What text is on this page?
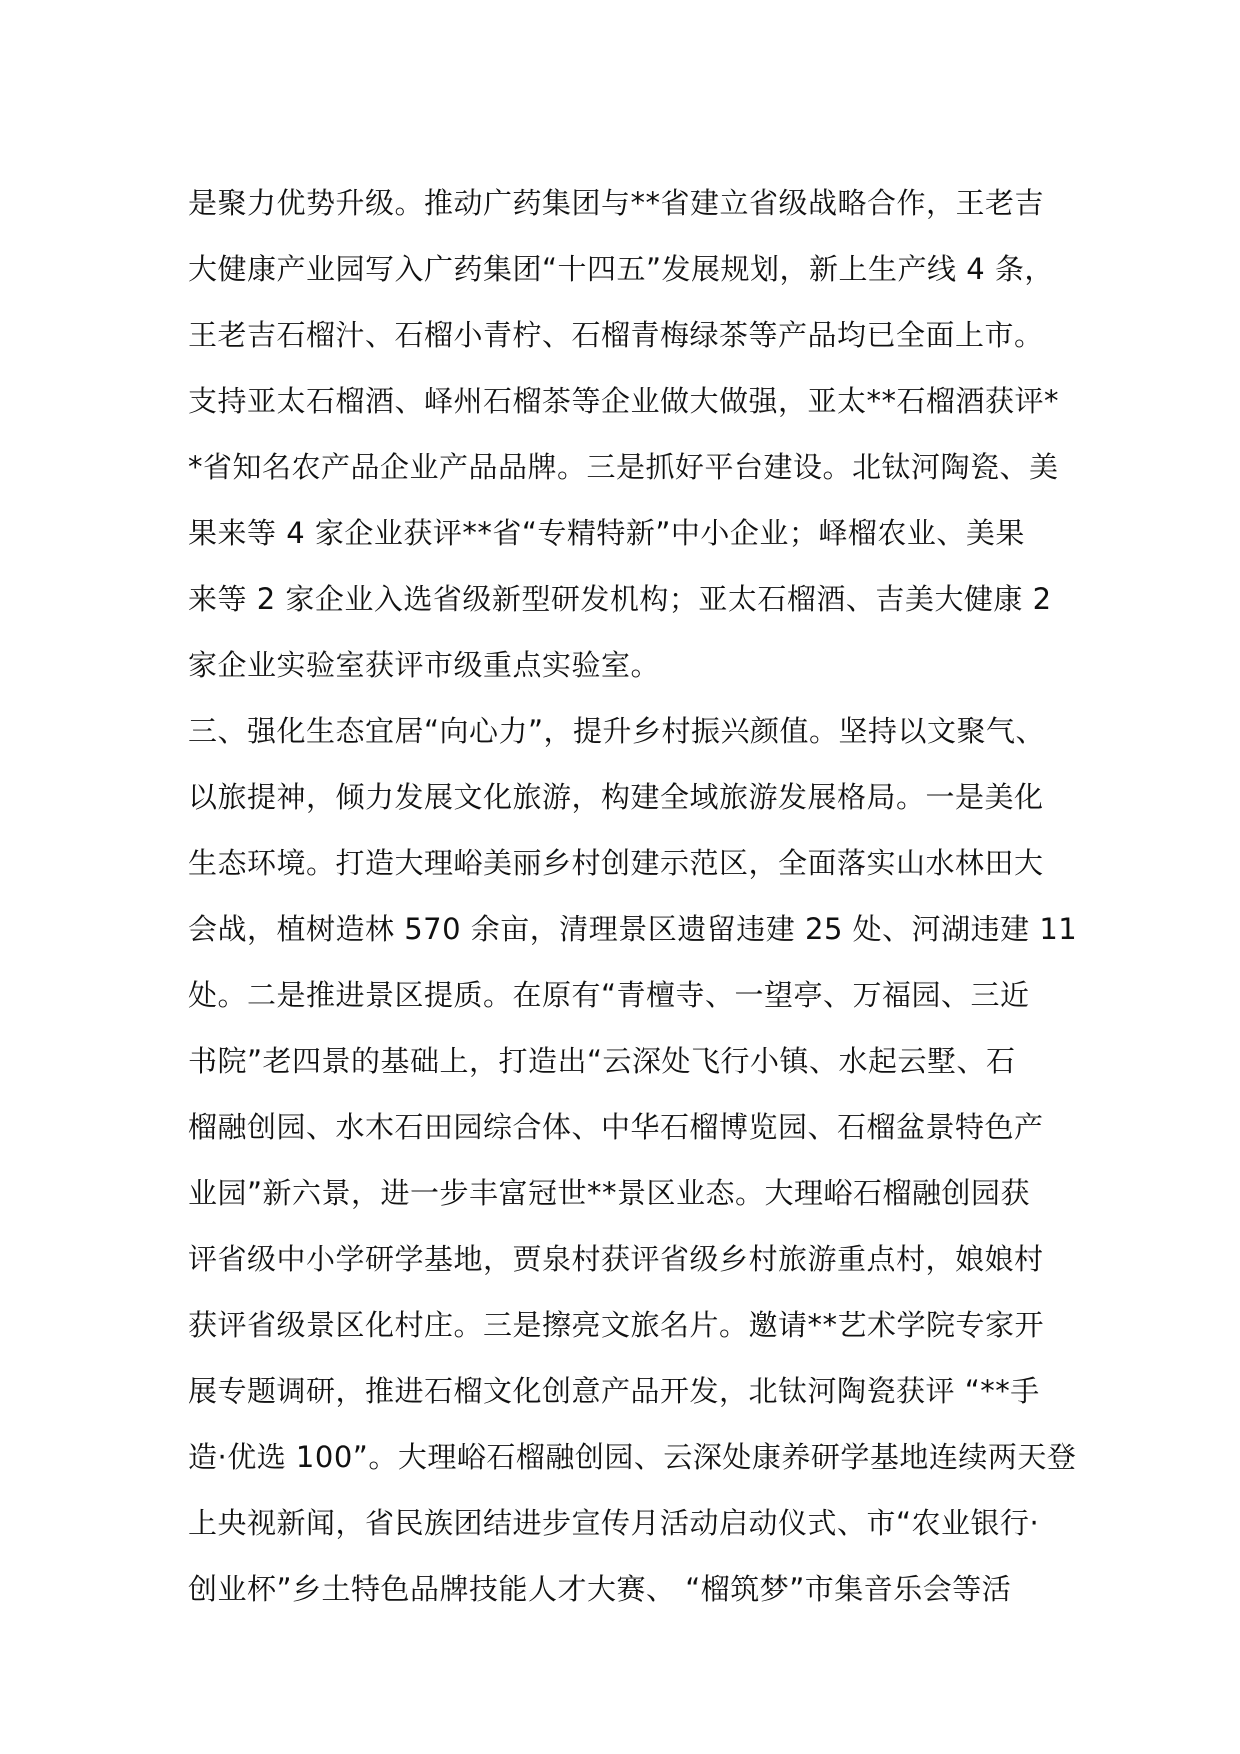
是聚力优势升级。推动广药集团与**省建立省级战略合作，王老吉
大健康产业园写入广药集团“十四五”发展规划，新上生产线 4 条，
王老吉石榴汁、石榴小青柠、石榴青梅绿茶等产品均已全面上市。
支持亚太石榴酒、峄州石榴茶等企业做大做强，亚太**石榴酒获评*
*省知名农产品企业产品品牌。三是抓好平台建设。北钛河陶瓷、美
果来等 4 家企业获评**省“专精特新”中小企业；峄榴农业、美果
来等 2 家企业入选省级新型研发机构；亚太石榴酒、吉美大健康 2
家企业实验室获评市级重点实验室。
三、强化生态宜居“向心力”，提升乡村振兴颜值。坚持以文聚气、
以旅提神，倾力发展文化旅游，构建全域旅游发展格局。一是美化
生态环境。打造大理峪美丽乡村创建示范区，全面落实山水林田大
会战，植树造林 570 余亩，清理景区遗留违建 25 处、河湖违建 11
处。二是推进景区提质。在原有“青檀寺、一望亭、万福园、三近
书院”老四景的基础上，打造出“云深处飞行小镇、水起云墅、石
榴融创园、水木石田园综合体、中华石榴博览园、石榴盆景特色产
业园”新六景，进一步丰富冠世**景区业态。大理峪石榴融创园获
评省级中小学研学基地，贾泉村获评省级乡村旅游重点村，娘娘村
获评省级景区化村庄。三是擦亮文旅名片。邀请**艺术学院专家开
展专题调研，推进石榴文化创意产品开发，北钛河陶瓷获评 “**手
造·优选 100”。大理峪石榴融创园、云深处康养研学基地连续两天登
上央视新闻，省民族团结进步宣传月活动启动仪式、市“农业银行·
创业杯”乡土特色品牌技能人才大赛、 “榴筑梦”市集音乐会等活
